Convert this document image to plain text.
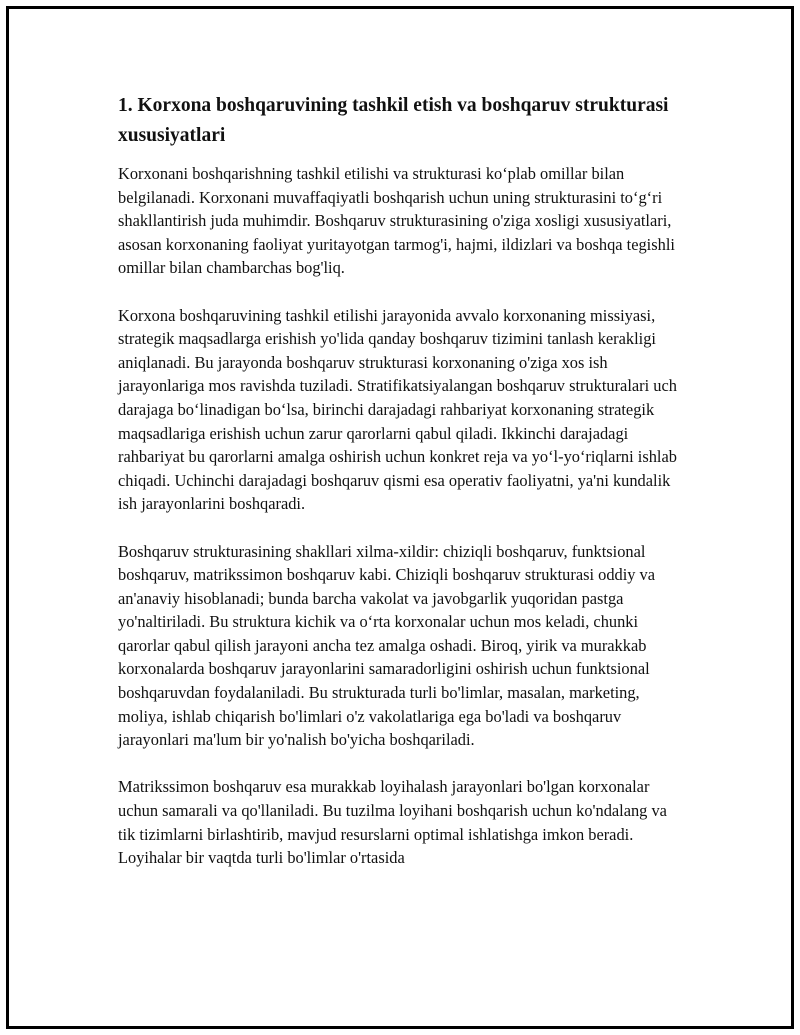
1. Korxona boshqaruvining tashkil etish va boshqaruv strukturasi xususiyatlari

Korxonani boshqarishning tashkil etilishi va strukturasi koʻplab omillar bilan belgilanadi. Korxonani muvaffaqiyatli boshqarish uchun uning strukturasini toʻgʻri shakllantirish juda muhimdir. Boshqaruv strukturasining o'ziga xosligi xususiyatlari, asosan korxonaning faoliyat yuritayotgan tarmog'i, hajmi, ildizlari va boshqa tegishli omillar bilan chambarchas bog'liq.

Korxona boshqaruvining tashkil etilishi jarayonida avvalo korxonaning missiyasi, strategik maqsadlarga erishish yo'lida qanday boshqaruv tizimini tanlash kerakligi aniqlanadi. Bu jarayonda boshqaruv strukturasi korxonaning o'ziga xos ish jarayonlariga mos ravishda tuziladi. Stratifikatsiyalangan boshqaruv strukturalari uch darajaga boʻlinadigan boʻlsa, birinchi darajadagi rahbariyat korxonaning strategik maqsadlariga erishish uchun zarur qarorlarni qabul qiladi. Ikkinchi darajadagi rahbariyat bu qarorlarni amalga oshirish uchun konkret reja va yoʻl-yoʻriqlarni ishlab chiqadi. Uchinchi darajadagi boshqaruv qismi esa operativ faoliyatni, ya'ni kundalik ish jarayonlarini boshqaradi.

Boshqaruv strukturasining shakllari xilma-xildir: chiziqli boshqaruv, funktsional boshqaruv, matrikssimon boshqaruv kabi. Chiziqli boshqaruv strukturasi oddiy va an'anaviy hisoblanadi; bunda barcha vakolat va javobgarlik yuqoridan pastga yo'naltiriladi. Bu struktura kichik va oʻrta korxonalar uchun mos keladi, chunki qarorlar qabul qilish jarayoni ancha tez amalga oshadi. Biroq, yirik va murakkab korxonalarda boshqaruv jarayonlarini samaradorligini oshirish uchun funktsional boshqaruvdan foydalaniladi. Bu strukturada turli bo'limlar, masalan, marketing, moliya, ishlab chiqarish bo'limlari o'z vakolatlariga ega bo'ladi va boshqaruv jarayonlari ma'lum bir yo'nalish bo'yicha boshqariladi.

Matrikssimon boshqaruv esa murakkab loyihalash jarayonlari bo'lgan korxonalar uchun samarali va qo'llaniladi. Bu tuzilma loyihani boshqarish uchun ko'ndalang va tik tizimlarni birlashtirib, mavjud resurslarni optimal ishlatishga imkon beradi. Loyihalar bir vaqtda turli bo'limlar o'rtasida
